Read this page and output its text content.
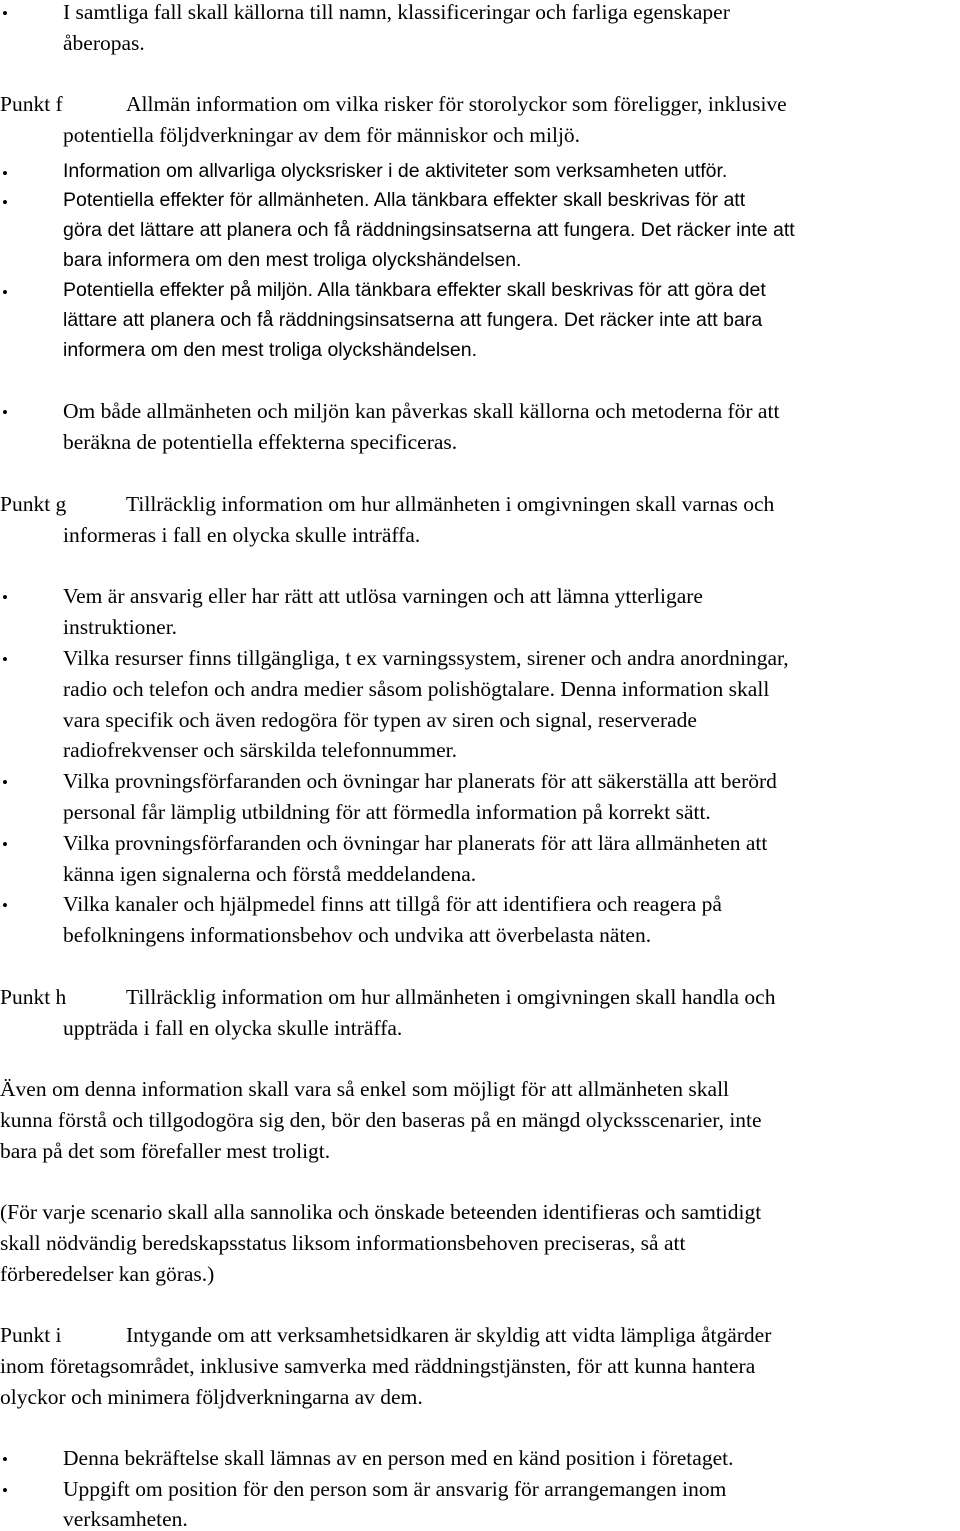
•	I samtliga fall skall källorna till namn, klassificeringar och farliga egenskaper
åberopas.
Punkt f	Allmän information om vilka risker för storolyckor som föreligger, inklusive
potentiella följdverkningar av dem för människor och miljö.
•	Information om allvarliga olycksrisker i de aktiviteter som verksamheten utför.
•	Potentiella effekter för allmänheten. Alla tänkbara effekter skall beskrivas för att
göra det lättare att planera och få räddningsinsatserna att fungera. Det räcker inte att
bara informera om den mest troliga olyckshändelsen.
•	Potentiella effekter på miljön. Alla tänkbara effekter skall beskrivas för att göra det
lättare att planera och få räddningsinsatserna att fungera. Det räcker inte att bara
informera om den mest troliga olyckshändelsen.
•	Om både allmänheten och miljön kan påverkas skall källorna och metoderna för att
beräkna de potentiella effekterna specificeras.
Punkt g	Tillräcklig information om hur allmänheten i omgivningen skall varnas och
informeras i fall en olycka skulle inträffa.
•	Vem är ansvarig eller har rätt att utlösa varningen och att lämna ytterligare
instruktioner.
•	Vilka resurser finns tillgängliga, t ex varningssystem, sirener och andra anordningar,
radio och telefon och andra medier såsom polishögtalare. Denna information skall
vara specifik och även redogöra för typen av siren och signal, reserverade
radiofrekvenser och särskilda telefonnummer.
•	Vilka provningsförfaranden och övningar har planerats för att säkerställa att berörd
personal får lämplig utbildning för att förmedla information på korrekt sätt.
•	Vilka provningsförfaranden och övningar har planerats för att lära allmänheten att
känna igen signalerna och förstå meddelandena.
•	Vilka kanaler och hjälpmedel finns att tillgå för att identifiera och reagera på
befolkningens informationsbehov och undvika att överbelasta näten.
Punkt h	Tillräcklig information om hur allmänheten i omgivningen skall handla och
uppträda i fall en olycka skulle inträffa.
Även om denna information skall vara så enkel som möjligt för att allmänheten skall
kunna förstå och tillgodogöra sig den, bör den baseras på en mängd olycksscenarier, inte
bara på det som förefaller mest troligt.
(För varje scenario skall alla sannolika och önskade beteenden identifieras och samtidigt
skall nödvändig beredskapsstatus liksom informationsbehoven preciseras, så att
förberedelser kan göras.)
Punkt i	Intygande om att verksamhetsidkaren är skyldig att vidta lämpliga åtgärder
inom företagsområdet, inklusive samverka med räddningstjänsten, för att kunna hantera
olyckor och minimera följdverkningarna av dem.
•	Denna bekräftelse skall lämnas av en person med en känd position i företaget.
•	Uppgift om position för den person som är ansvarig för arrangemangen inom
verksamheten.
